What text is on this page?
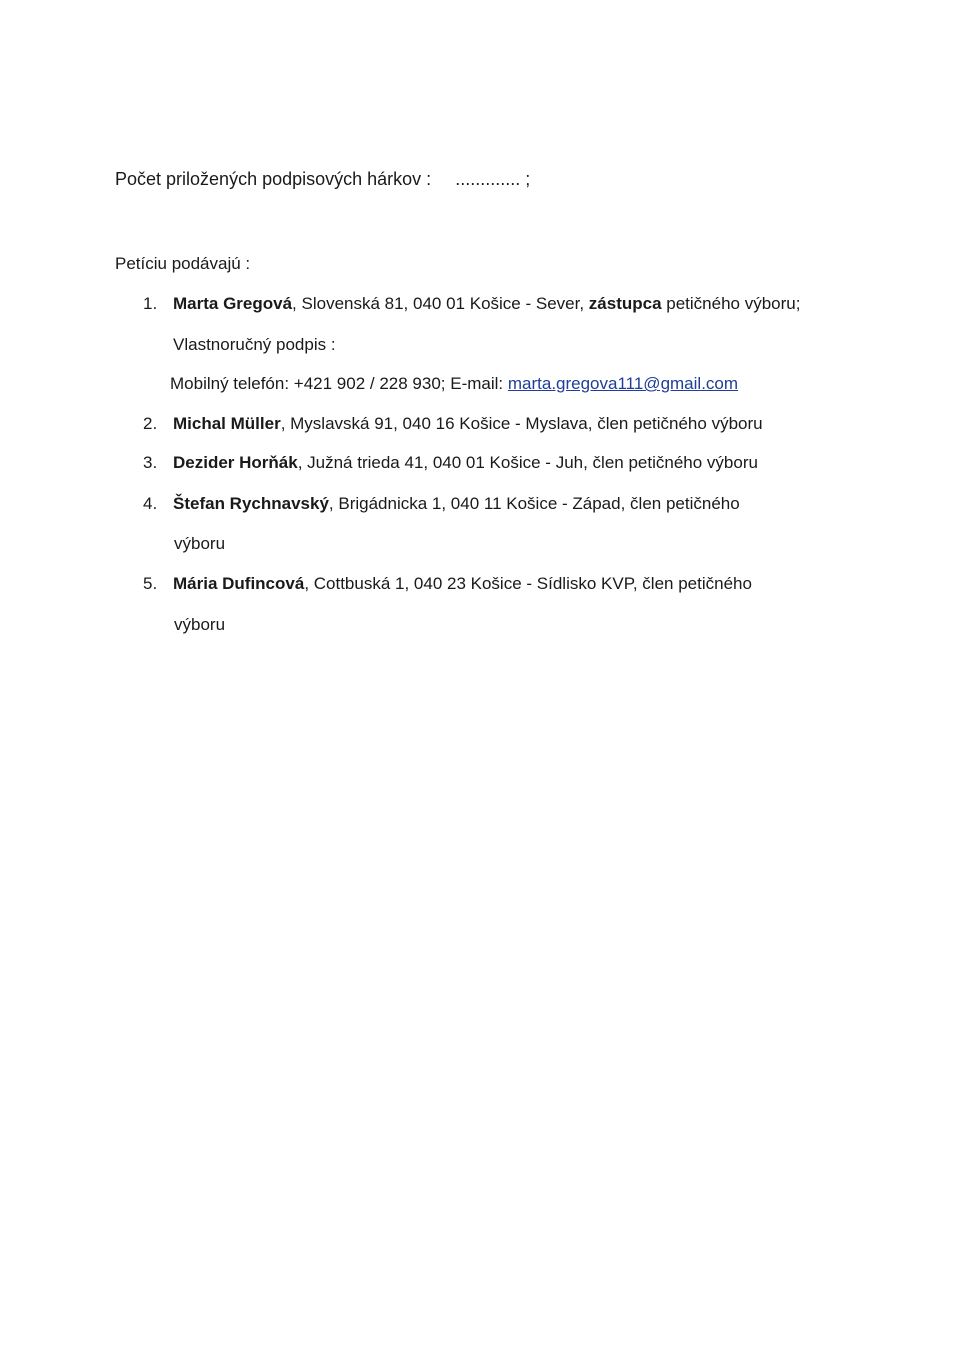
Počet priložených podpisových hárkov : ............. ;
Petíciu podávajú :
1. Marta Gregová, Slovenská 81, 040 01 Košice - Sever, zástupca petičného výboru;
Vlastnoručný podpis :
Mobilný telefón: +421 902 / 228 930; E-mail: marta.gregova111@gmail.com
2. Michal Müller, Myslavská 91, 040 16 Košice - Myslava, člen petičného výboru
3. Dezider Horňák, Južná trieda 41, 040 01 Košice - Juh, člen petičného výboru
4. Štefan Rychnavský, Brigádnicka 1, 040 11 Košice - Západ, člen petičného
výboru
5. Mária Dufincová, Cottbuská 1, 040 23 Košice - Sídlisko KVP, člen petičného
výboru
